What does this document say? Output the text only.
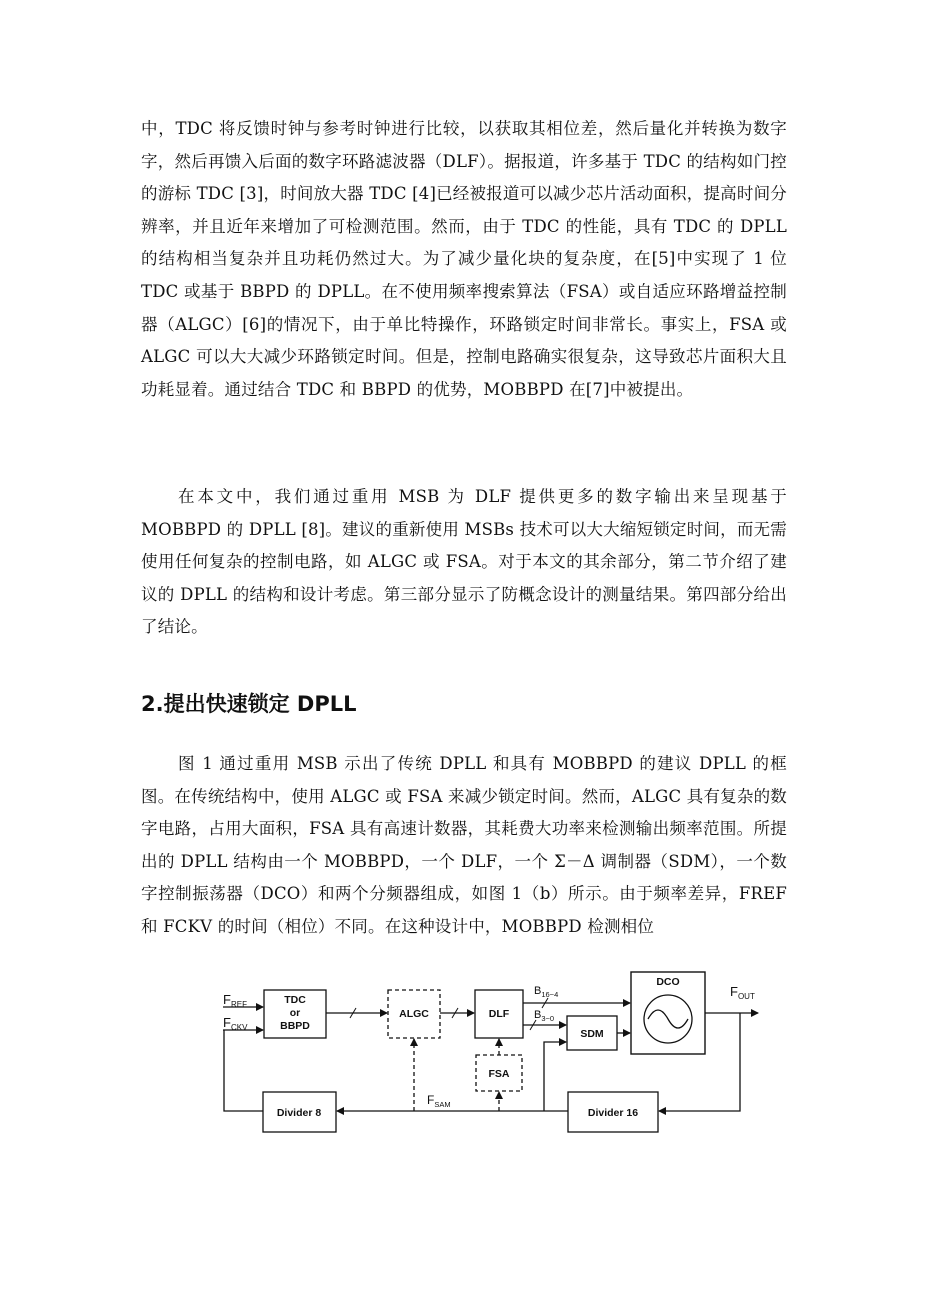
中，TDC 将反馈时钟与参考时钟进行比较，以获取其相位差，然后量化并转换为数字字，然后再馈入后面的数字环路滤波器（DLF）。据报道，许多基于 TDC 的结构如门控的游标 TDC [3]，时间放大器 TDC [4]已经被报道可以减少芯片活动面积，提高时间分辨率，并且近年来增加了可检测范围。然而，由于 TDC 的性能，具有 TDC 的 DPLL 的结构相当复杂并且功耗仍然过大。为了减少量化块的复杂度，在[5]中实现了 1 位 TDC 或基于 BBPD 的 DPLL。在不使用频率搜索算法（FSA）或自适应环路增益控制器（ALGC）[6]的情况下，由于单比特操作，环路锁定时间非常长。事实上，FSA 或 ALGC 可以大大减少环路锁定时间。但是，控制电路确实很复杂，这导致芯片面积大且功耗显着。通过结合 TDC 和 BBPD 的优势，MOBBPD 在[7]中被提出。

在本文中，我们通过重用 MSB 为 DLF 提供更多的数字输出来呈现基于 MOBBPD 的 DPLL [8]。建议的重新使用 MSBs 技术可以大大缩短锁定时间，而无需使用任何复杂的控制电路，如 ALGC 或 FSA。对于本文的其余部分，第二节介绍了建议的 DPLL 的结构和设计考虑。第三部分显示了防概念设计的测量结果。第四部分给出了结论。

2.提出快速锁定 DPLL

图 1 通过重用 MSB 示出了传统 DPLL 和具有 MOBBPD 的建议 DPLL 的框图。在传统结构中，使用 ALGC 或 FSA 来减少锁定时间。然而，ALGC 具有复杂的数字电路，占用大面积，FSA 具有高速计数器，其耗费大功率来检测输出频率范围。所提出的 DPLL 结构由一个 MOBBPD，一个 DLF，一个 Σ－Δ 调制器（SDM），一个数字控制振荡器（DCO）和两个分频器组成，如图 1（b）所示。由于频率差异，FREF 和 FCKV 的时间（相位）不同。在这种设计中，MOBBPD 检测相位

$F_{REF}$
$F_{CKV}$
TDC
or
BBPD
ALGC	DLF
$B_{16\sim 4}$
$B_{3\sim 0}$
SDM
DCO
$F_{OUT}$
Divider 16
$F_{SAM}$
Divider 8
FSA
